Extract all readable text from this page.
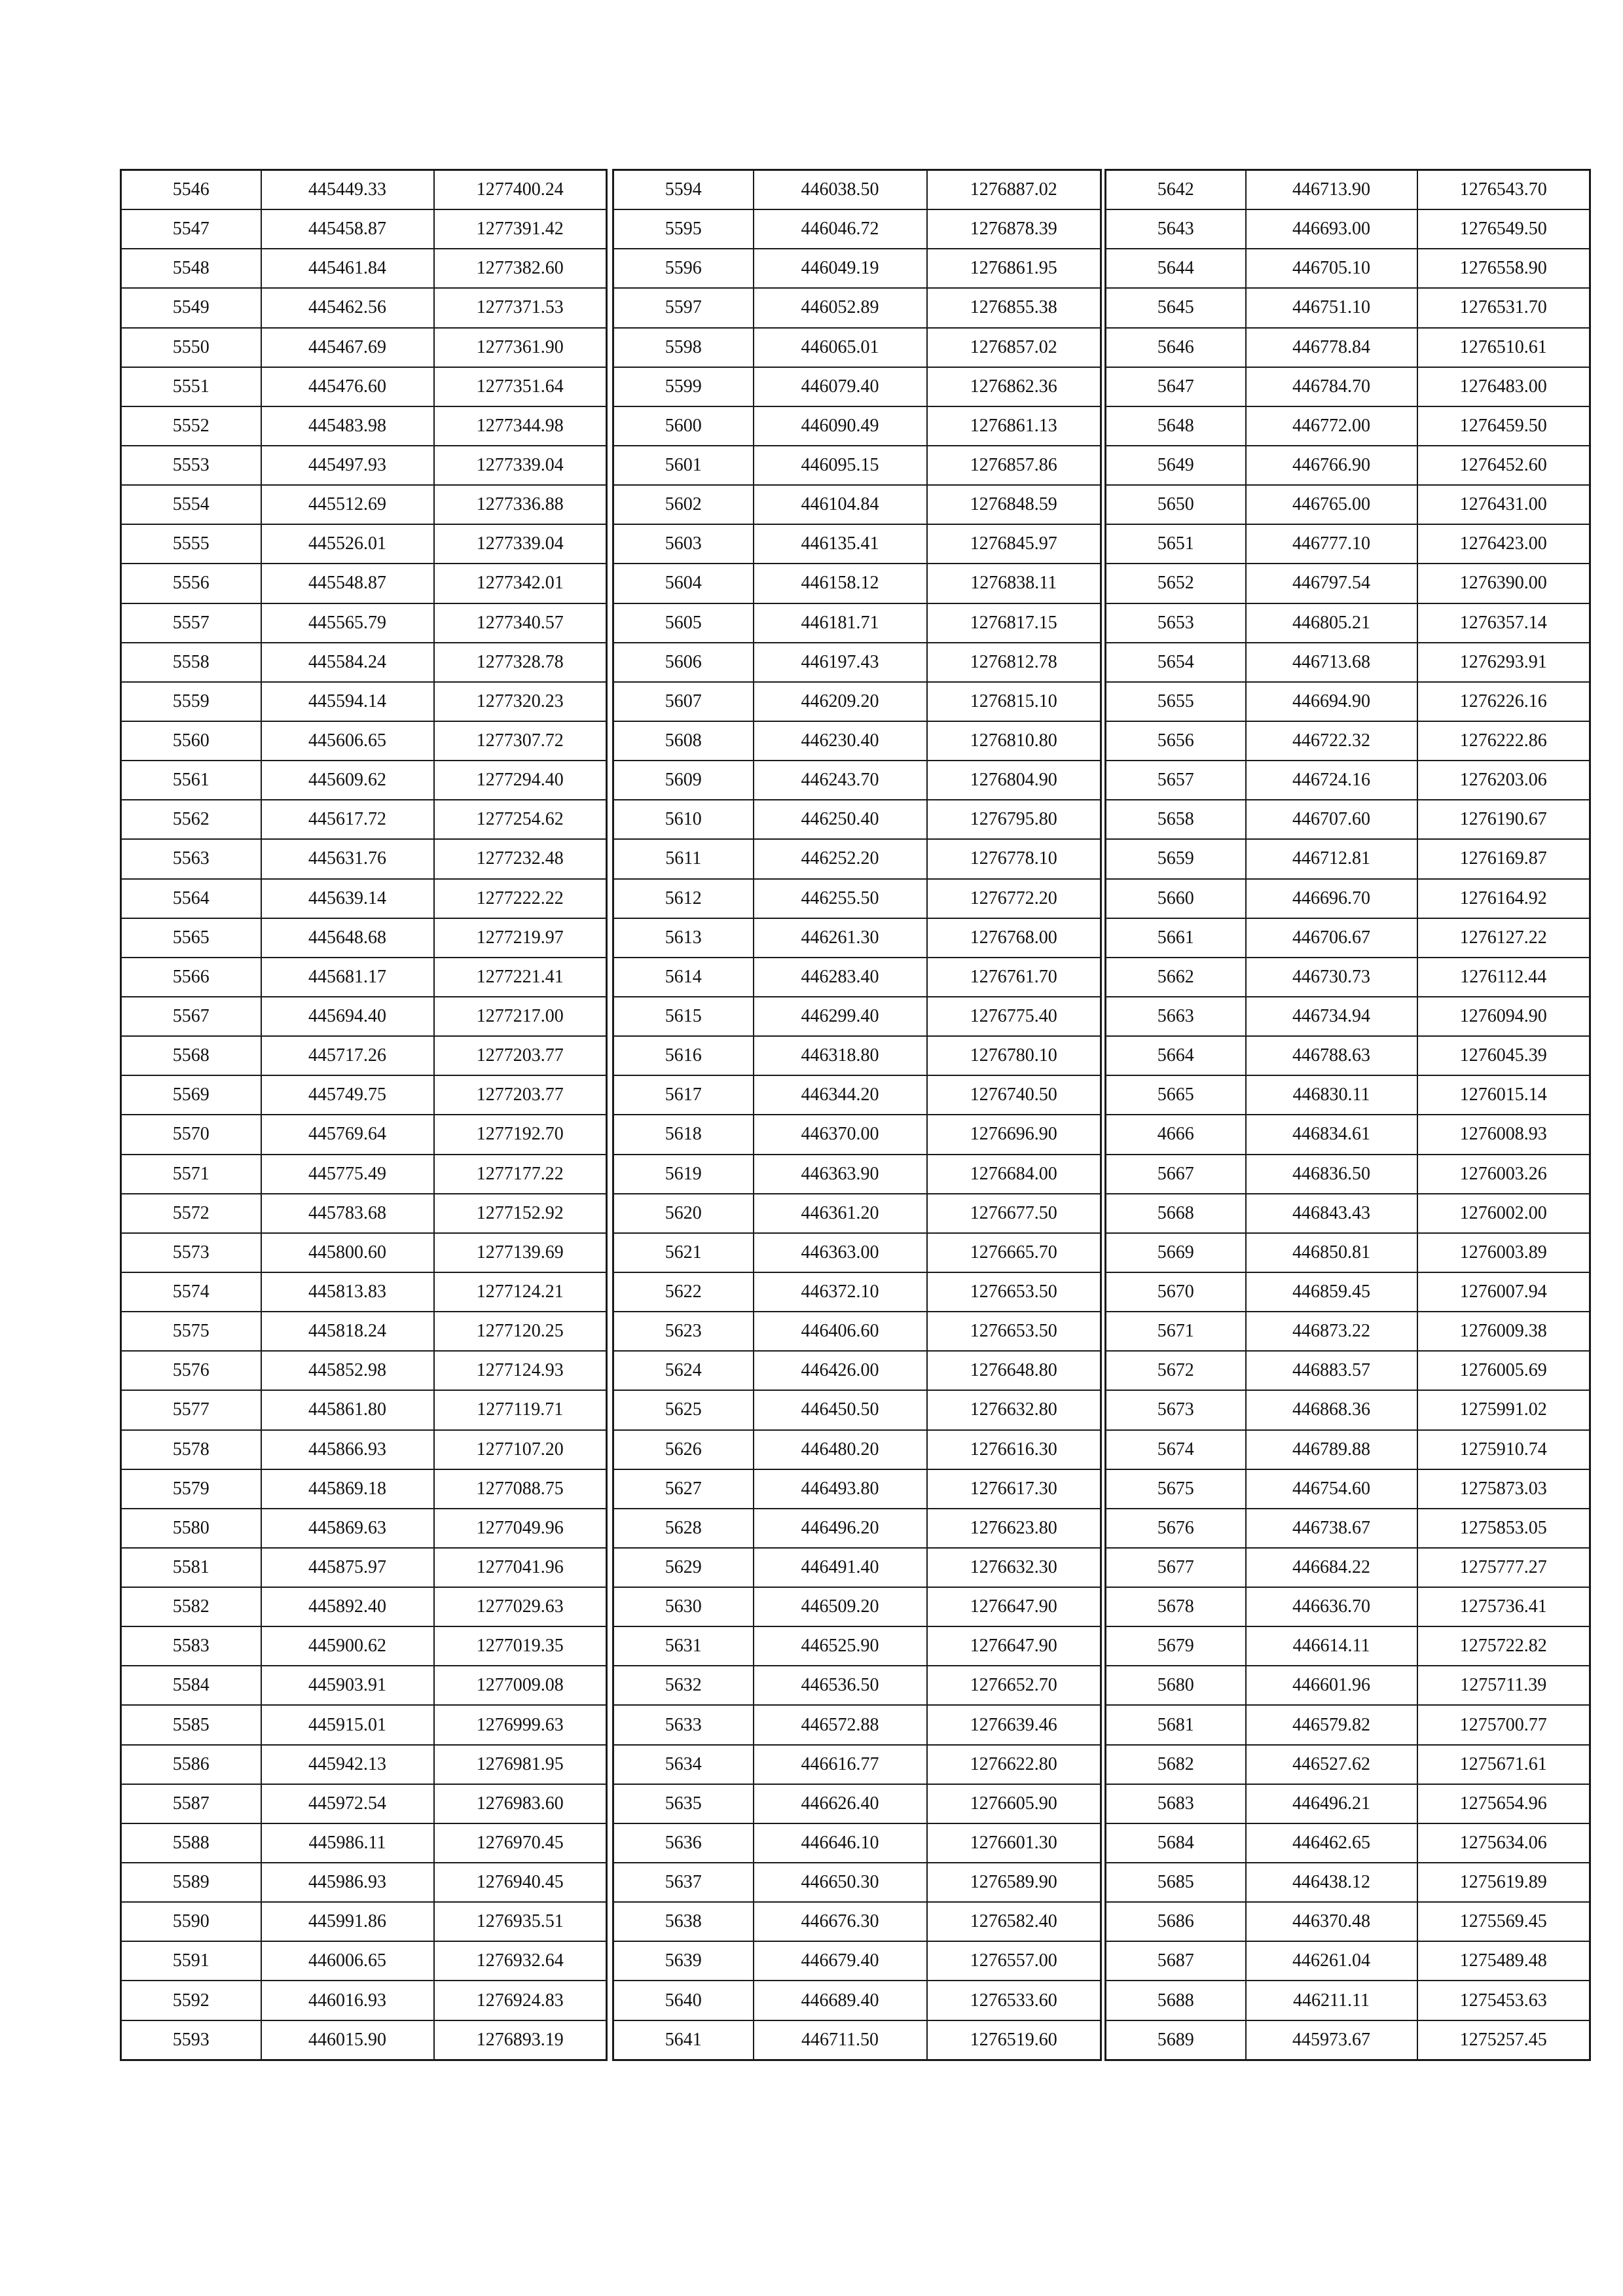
5546	445449.33	1277400.24
5547	445458.87	1277391.42
5548	445461.84	1277382.60
5549	445462.56	1277371.53
5550	445467.69	1277361.90
5551	445476.60	1277351.64
5552	445483.98	1277344.98
5553	445497.93	1277339.04
5554	445512.69	1277336.88
5555	445526.01	1277339.04
5556	445548.87	1277342.01
5557	445565.79	1277340.57
5558	445584.24	1277328.78
5559	445594.14	1277320.23
5560	445606.65	1277307.72
5561	445609.62	1277294.40
5562	445617.72	1277254.62
5563	445631.76	1277232.48
5564	445639.14	1277222.22
5565	445648.68	1277219.97
5566	445681.17	1277221.41
5567	445694.40	1277217.00
5568	445717.26	1277203.77
5569	445749.75	1277203.77
5570	445769.64	1277192.70
5571	445775.49	1277177.22
5572	445783.68	1277152.92
5573	445800.60	1277139.69
5574	445813.83	1277124.21
5575	445818.24	1277120.25
5576	445852.98	1277124.93
5577	445861.80	1277119.71
5578	445866.93	1277107.20
5579	445869.18	1277088.75
5580	445869.63	1277049.96
5581	445875.97	1277041.96
5582	445892.40	1277029.63
5583	445900.62	1277019.35
5584	445903.91	1277009.08
5585	445915.01	1276999.63
5586	445942.13	1276981.95
5587	445972.54	1276983.60
5588	445986.11	1276970.45
5589	445986.93	1276940.45
5590	445991.86	1276935.51
5591	446006.65	1276932.64
5592	446016.93	1276924.83
5593	446015.90	1276893.19
5594	446038.50	1276887.02
5595	446046.72	1276878.39
5596	446049.19	1276861.95
5597	446052.89	1276855.38
5598	446065.01	1276857.02
5599	446079.40	1276862.36
5600	446090.49	1276861.13
5601	446095.15	1276857.86
5602	446104.84	1276848.59
5603	446135.41	1276845.97
5604	446158.12	1276838.11
5605	446181.71	1276817.15
5606	446197.43	1276812.78
5607	446209.20	1276815.10
5608	446230.40	1276810.80
5609	446243.70	1276804.90
5610	446250.40	1276795.80
5611	446252.20	1276778.10
5612	446255.50	1276772.20
5613	446261.30	1276768.00
5614	446283.40	1276761.70
5615	446299.40	1276775.40
5616	446318.80	1276780.10
5617	446344.20	1276740.50
5618	446370.00	1276696.90
5619	446363.90	1276684.00
5620	446361.20	1276677.50
5621	446363.00	1276665.70
5622	446372.10	1276653.50
5623	446406.60	1276653.50
5624	446426.00	1276648.80
5625	446450.50	1276632.80
5626	446480.20	1276616.30
5627	446493.80	1276617.30
5628	446496.20	1276623.80
5629	446491.40	1276632.30
5630	446509.20	1276647.90
5631	446525.90	1276647.90
5632	446536.50	1276652.70
5633	446572.88	1276639.46
5634	446616.77	1276622.80
5635	446626.40	1276605.90
5636	446646.10	1276601.30
5637	446650.30	1276589.90
5638	446676.30	1276582.40
5639	446679.40	1276557.00
5640	446689.40	1276533.60
5641	446711.50	1276519.60
5642	446713.90	1276543.70
5643	446693.00	1276549.50
5644	446705.10	1276558.90
5645	446751.10	1276531.70
5646	446778.84	1276510.61
5647	446784.70	1276483.00
5648	446772.00	1276459.50
5649	446766.90	1276452.60
5650	446765.00	1276431.00
5651	446777.10	1276423.00
5652	446797.54	1276390.00
5653	446805.21	1276357.14
5654	446713.68	1276293.91
5655	446694.90	1276226.16
5656	446722.32	1276222.86
5657	446724.16	1276203.06
5658	446707.60	1276190.67
5659	446712.81	1276169.87
5660	446696.70	1276164.92
5661	446706.67	1276127.22
5662	446730.73	1276112.44
5663	446734.94	1276094.90
5664	446788.63	1276045.39
5665	446830.11	1276015.14
4666	446834.61	1276008.93
5667	446836.50	1276003.26
5668	446843.43	1276002.00
5669	446850.81	1276003.89
5670	446859.45	1276007.94
5671	446873.22	1276009.38
5672	446883.57	1276005.69
5673	446868.36	1275991.02
5674	446789.88	1275910.74
5675	446754.60	1275873.03
5676	446738.67	1275853.05
5677	446684.22	1275777.27
5678	446636.70	1275736.41
5679	446614.11	1275722.82
5680	446601.96	1275711.39
5681	446579.82	1275700.77
5682	446527.62	1275671.61
5683	446496.21	1275654.96
5684	446462.65	1275634.06
5685	446438.12	1275619.89
5686	446370.48	1275569.45
5687	446261.04	1275489.48
5688	446211.11	1275453.63
5689	445973.67	1275257.45
